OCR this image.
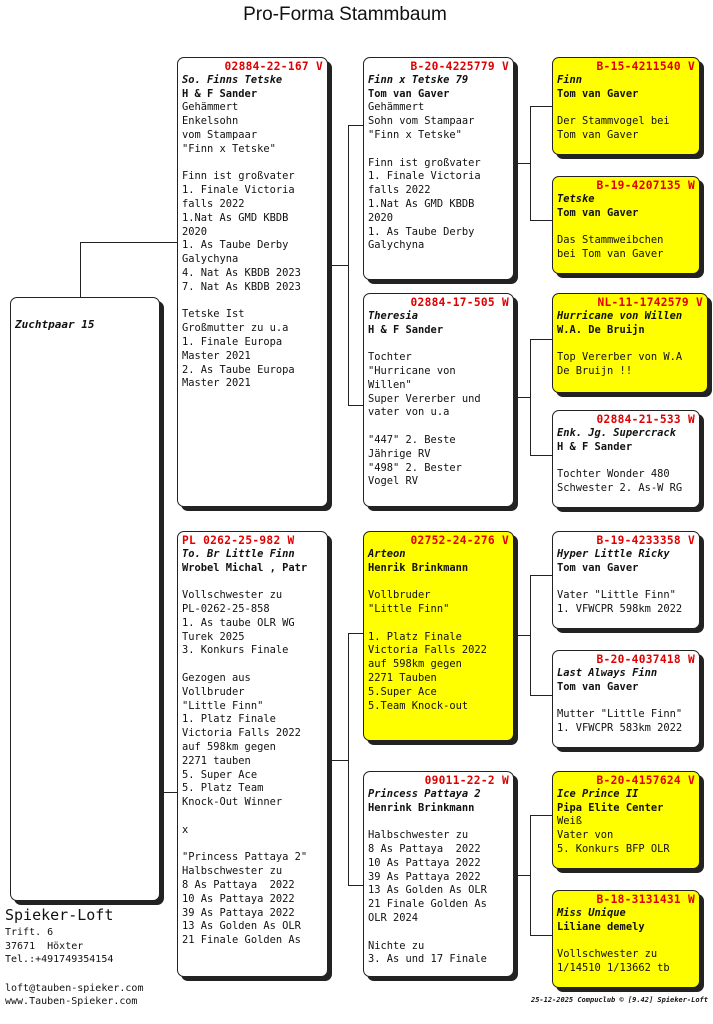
Pro-Forma Stammbaum
Zuchtpaar 15
02884-22-167 V
So. Finns Tetske
H & F Sander
Gehämmert
Enkelsohn
vom Stampaar
"Finn x Tetske"

Finn ist großvater
1. Finale Victoria
falls 2022
1.Nat As GMD KBDB
2020
1. As Taube Derby
Galychyna
4. Nat As KBDB 2023
7. Nat As KBDB 2023

Tetske Ist
Großmutter zu u.a
1. Finale Europa
Master 2021
2. As Taube Europa
Master 2021
PL 0262-25-982 W
To. Br Little Finn
Wrobel Michal , Patr

Vollschwester zu
PL-0262-25-858
1. As taube OLR WG
Turek 2025
3. Konkurs Finale

Gezogen aus
Vollbruder
"Little Finn"
1. Platz Finale
Victoria Falls 2022
auf 598km gegen
2271 tauben
5. Super Ace
5. Platz Team
Knock-Out Winner

x

"Princess Pattaya 2"
Halbschwester zu
8 As Pattaya  2022
10 As Pattaya 2022
39 As Pattaya 2022
13 As Golden As OLR
21 Finale Golden As
B-20-4225779 V
Finn x Tetske 79
Tom van Gaver
Gehämmert
Sohn vom Stampaar
"Finn x Tetske"

Finn ist großvater
1. Finale Victoria
falls 2022
1.Nat As GMD KBDB
2020
1. As Taube Derby
Galychyna
02884-17-505 W
Theresia
H & F Sander

Tochter
"Hurricane von
Willen"
Super Vererber und
vater von u.a

"447" 2. Beste
Jährige RV
"498" 2. Bester
Vogel RV
02752-24-276 V
Arteon
Henrik Brinkmann

Vollbruder
"Little Finn"

1. Platz Finale
Victoria Falls 2022
auf 598km gegen
2271 Tauben
5.Super Ace
5.Team Knock-out
09011-22-2 W
Princess Pattaya 2
Henrink Brinkmann

Halbschwester zu
8 As Pattaya  2022
10 As Pattaya 2022
39 As Pattaya 2022
13 As Golden As OLR
21 Finale Golden As
OLR 2024

Nichte zu
3. As und 17 Finale
B-15-4211540 V
Finn
Tom van Gaver

Der Stammvogel bei
Tom van Gaver
B-19-4207135 W
Tetske
Tom van Gaver

Das Stammweibchen
bei Tom van Gaver
NL-11-1742579 V
Hurricane von Willen
W.A. De Bruijn

Top Vererber von W.A
De Bruijn !!
02884-21-533 W
Enk. Jg. Supercrack
H & F Sander

Tochter Wonder 480
Schwester 2. As-W RG
B-19-4233358 V
Hyper Little Ricky
Tom van Gaver

Vater "Little Finn"
1. VFWCPR 598km 2022
B-20-4037418 W
Last Always Finn
Tom van Gaver

Mutter "Little Finn"
1. VFWCPR 583km 2022
B-20-4157624 V
Ice Prince II
Pipa Elite Center
Weiß
Vater von
5. Konkurs BFP OLR
B-18-3131431 W
Miss Unique
Liliane demely

Vollschwester zu
1/14510 1/13662 tb
Spieker-Loft
Trift. 6
37671  Höxter
Tel.:+491749354154
loft@tauben-spieker.com
www.Tauben-Spieker.com	25-12-2025 Compuclub © [9.42] Spieker-Loft
